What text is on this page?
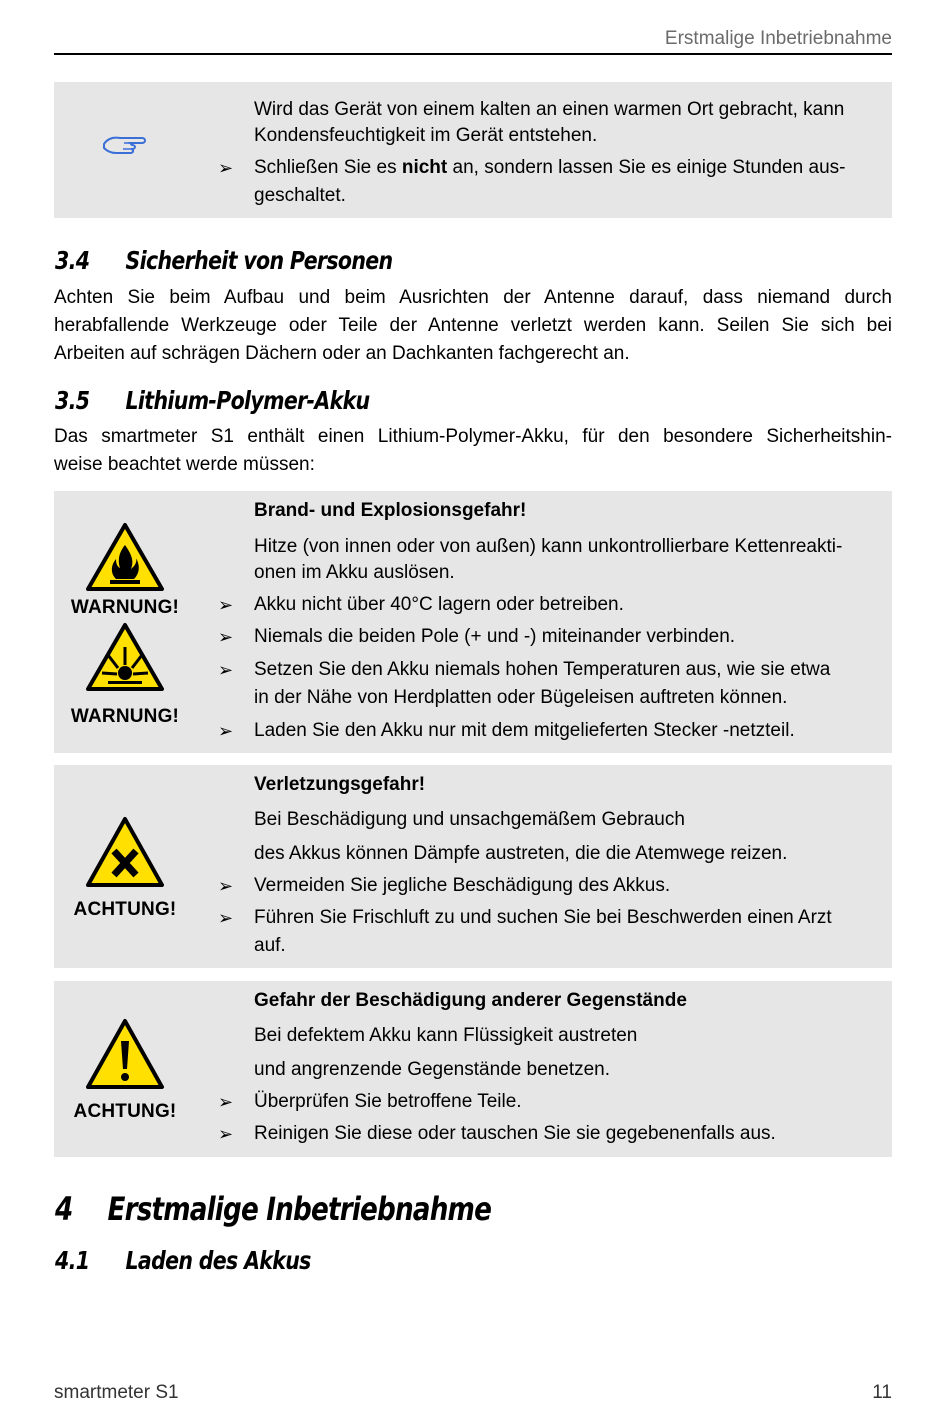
Erstmalige Inbetriebnahme
Wird das Gerät von einem kalten an einen warmen Ort gebracht, kann
Kondensfeuchtigkeit im Gerät entstehen.
➢ Schließen Sie es nicht an, sondern lassen Sie es einige Stunden aus-
geschaltet.
3.4 Sicherheit von Personen
Achten Sie beim Aufbau und beim Ausrichten der Antenne darauf, dass niemand durch
herabfallende Werkzeuge oder Teile der Antenne verletzt werden kann. Seilen Sie sich bei
Arbeiten auf schrägen Dächern oder an Dachkanten fachgerecht an.
3.5 Lithium-Polymer-Akku
Das smartmeter S1 enthält einen Lithium-Polymer-Akku, für den besondere Sicherheitshin-
weise beachtet werde müssen:
WARNUNG!
WARNUNG!
Brand- und Explosionsgefahr!
Hitze (von innen oder von außen) kann unkontrollierbare Kettenreakti-
onen im Akku auslösen.
➢ Akku nicht über 40°C lagern oder betreiben.
➢ Niemals die beiden Pole (+ und -) miteinander verbinden.
➢ Setzen Sie den Akku niemals hohen Temperaturen aus, wie sie etwa
in der Nähe von Herdplatten oder Bügeleisen auftreten können.
➢ Laden Sie den Akku nur mit dem mitgelieferten Stecker -netzteil.
ACHTUNG!
Verletzungsgefahr!
Bei Beschädigung und unsachgemäßem Gebrauch
des Akkus können Dämpfe austreten, die die Atemwege reizen.
➢ Vermeiden Sie jegliche Beschädigung des Akkus.
➢ Führen Sie Frischluft zu und suchen Sie bei Beschwerden einen Arzt
auf.
ACHTUNG!
Gefahr der Beschädigung anderer Gegenstände
Bei defektem Akku kann Flüssigkeit austreten
und angrenzende Gegenstände benetzen.
➢ Überprüfen Sie betroffene Teile.
➢ Reinigen Sie diese oder tauschen Sie sie gegebenenfalls aus.
4 Erstmalige Inbetriebnahme
4.1 Laden des Akkus
smartmeter S1	11
